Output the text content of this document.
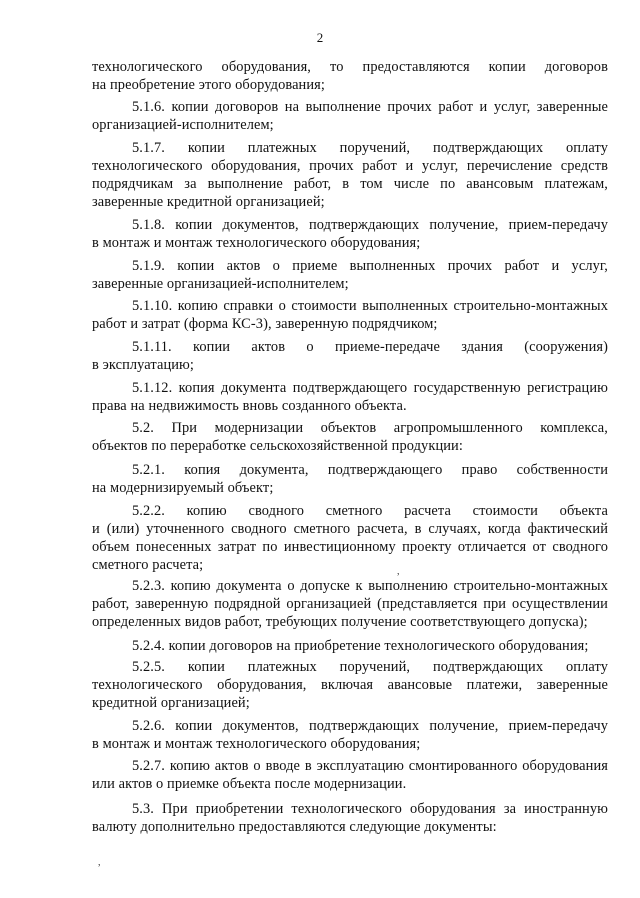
2

технологического оборудования, то предоставляются копии договоров
на преобретение этого оборудования;

5.1.6. копии договоров на выполнение прочих работ и услуг, заверенные
организацией-исполнителем;

5.1.7. копии платежных поручений, подтверждающих оплату
технологического оборудования, прочих работ и услуг, перечисление средств
подрядчикам за выполнение работ, в том числе по авансовым платежам,
заверенные кредитной организацией;

5.1.8. копии документов, подтверждающих получение, прием-передачу
в монтаж и монтаж технологического оборудования;

5.1.9. копии актов о приеме выполненных прочих работ и услуг,
заверенные организацией-исполнителем;

5.1.10. копию справки о стоимости выполненных строительно-монтажных
работ и затрат (форма КС-3), заверенную подрядчиком;

5.1.11. копии актов о приеме-передаче здания (сооружения)
в эксплуатацию;

5.1.12. копия документа подтверждающего государственную регистрацию
права на недвижимость вновь созданного объекта.

5.2. При модернизации объектов агропромышленного комплекса,
объектов по переработке сельскохозяйственной продукции:

5.2.1. копия документа, подтверждающего право собственности
на модернизируемый объект;

5.2.2. копию сводного сметного расчета стоимости объекта
и (или) уточненного сводного сметного расчета, в случаях, когда фактический
объем понесенных затрат по инвестиционному проекту отличается от сводного
сметного расчета;	,

5.2.3. копию документа о допуске к выполнению строительно-монтажных
работ, заверенную подрядной организацией (представляется при осуществлении
определенных видов работ, требующих получение соответствующего допуска);

5.2.4. копии договоров на приобретение технологического оборудования;

5.2.5. копии платежных поручений, подтверждающих оплату
технологического оборудования, включая авансовые платежи, заверенные
кредитной организацией;

5.2.6. копии документов, подтверждающих получение, прием-передачу
в монтаж и монтаж технологического оборудования;

5.2.7. копию актов о вводе в эксплуатацию смонтированного оборудования
или актов о приемке объекта после модернизации.

5.3. При приобретении технологического оборудования за иностранную
валюту дополнительно предоставляются следующие документы:

,
